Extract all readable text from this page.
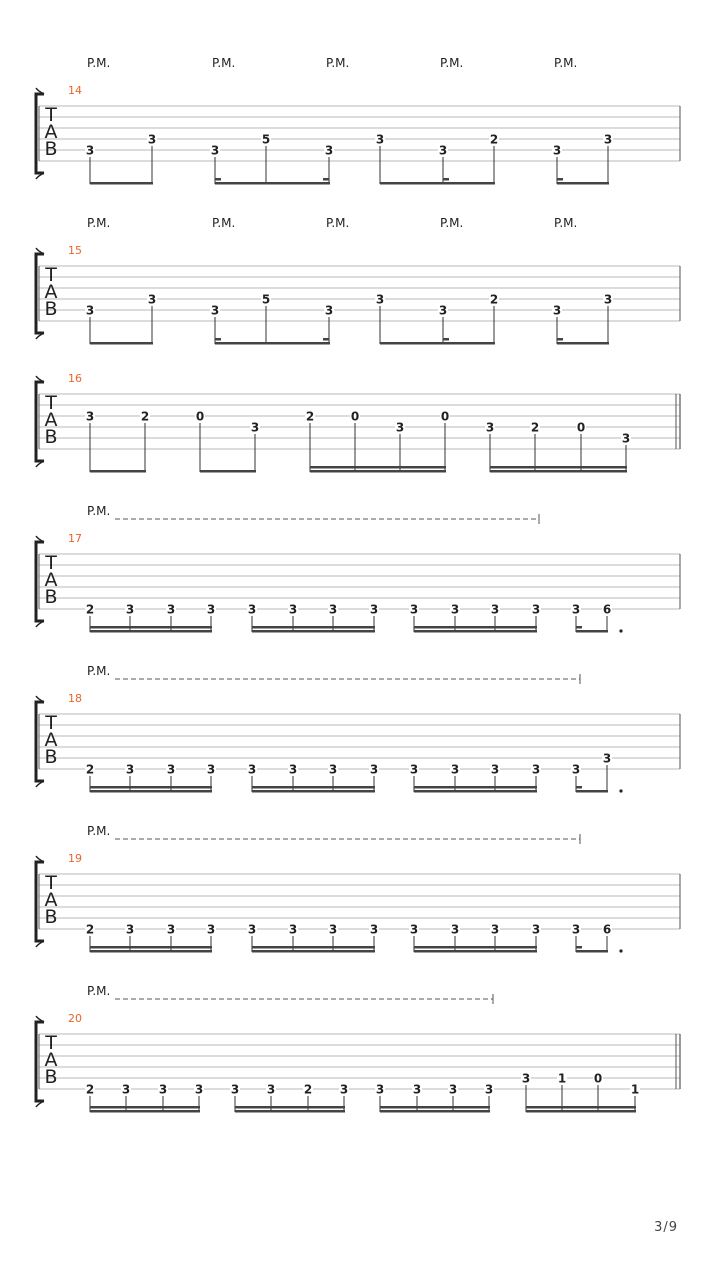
P.M.	P.M.	P.M.	P.M.	P.M.
14
T
A
B 3
3
3
5
3
3
3
2
3
3
P.M.	P.M.	P.M.	P.M.	P.M.
15
T
A
B 3
3
3
5
3
3
3
2
3
3
16
T
A
B
3	2	0
3
2	0
3
0
3	2	0
3
P.M.
17
T
A
B
2	3	3	3	3	3	3	3	3	3	3	3	3 6
P.M.
18
T
A
B
2	3	3	3	3	3	3	3	3	3	3	3	3
3
P.M.
19
T
A
B
2	3	3	3	3	3	3	3	3	3	3	3	3 6
P.M.
20
T
A
B
2 3 3 3 3 3 2 3 3 3 3 3
3 1 0
1
3/9
